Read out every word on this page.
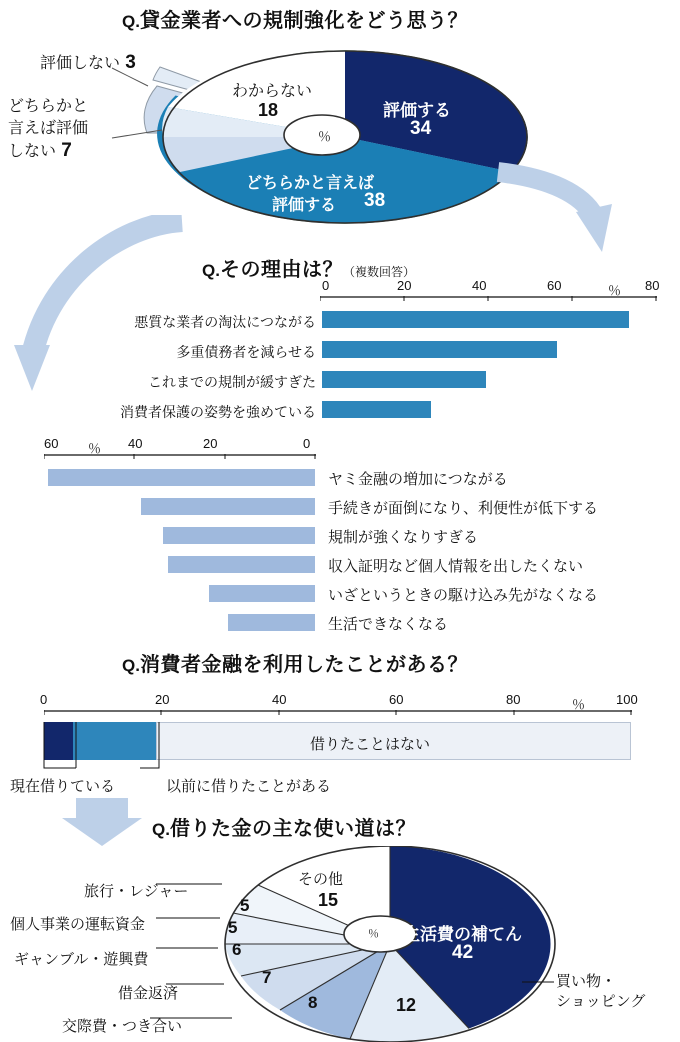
Q.貸金業者への規制強化をどう思う？
評価する
34
どちらかと言えば
評価する 38
わからない
18
評価しない 3
どちらかと
言えば評価
しない 7
Q.その理由は？（複数回答）
0	20	40	60	80
％
悪質な業者の淘汰につながる
多重債務者を減らせる
これまでの規制が緩すぎた
消費者保護の姿勢を強めている
60	40	20	0
％
ヤミ金融の増加につながる
手続きが面倒になり、利便性が低下する
規制が強くなりすぎる
収入証明など個人情報を出したくない
いざというときの駆け込み先がなくなる
生活できなくなる
Q.消費者金融を利用したことがある？
0	20	40	60	80	100
％
借りたことはない
現在借りている	以前に借りたことがある
Q.借りた金の主な使い道は？
％ 生活費の補てん
42
12
買い物・
ショッピング
8
交際費・つき合い
7
借金返済
6
ギャンブル・遊興費
5
個人事業の運転資金
5
旅行・レジャー
その他
15
％
